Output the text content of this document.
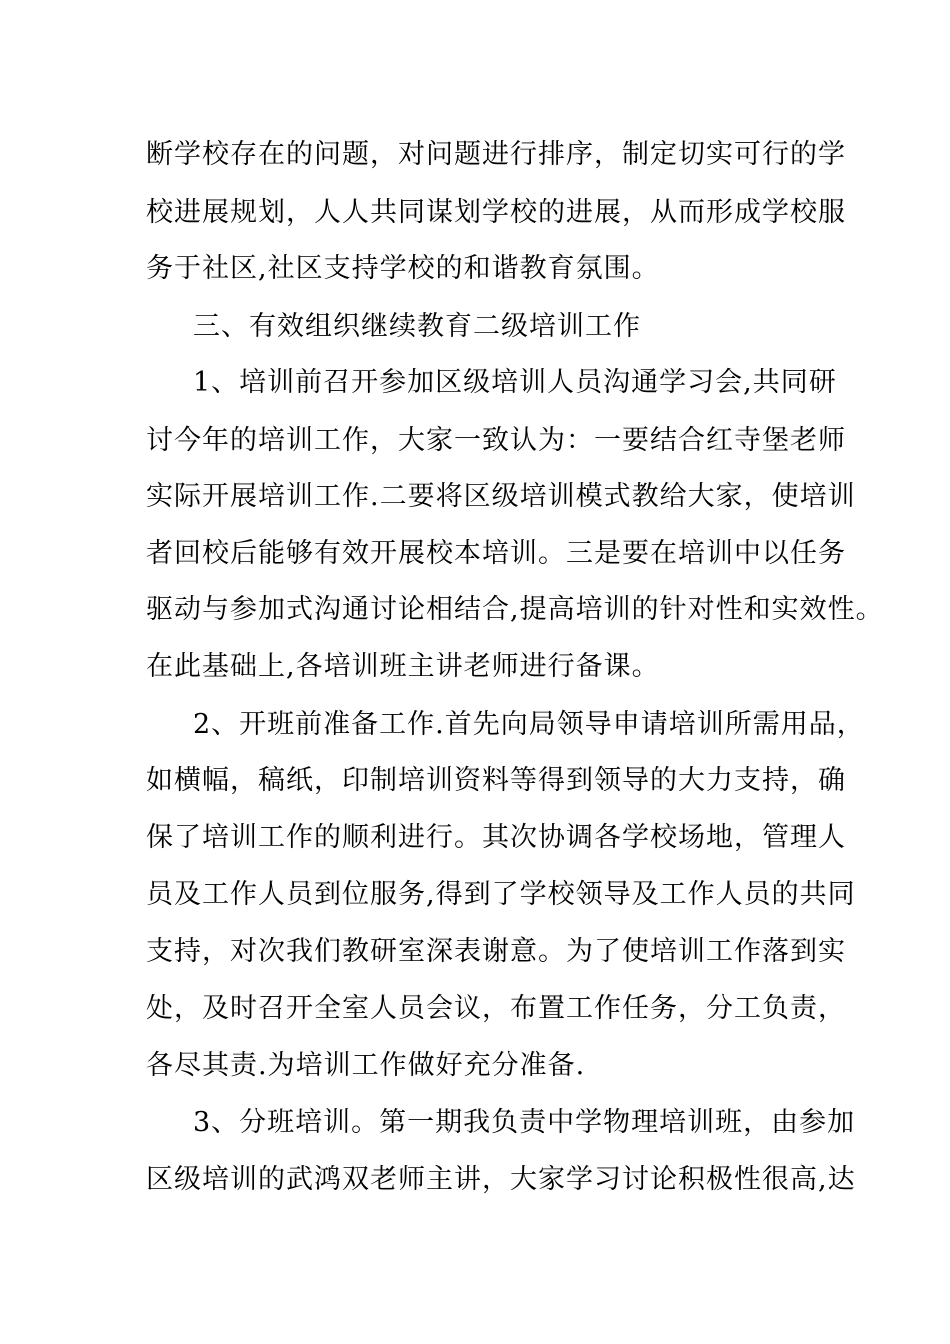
断学校存在的问题，对问题进行排序，制定切实可行的学
校进展规划，人人共同谋划学校的进展，从而形成学校服
务于社区,社区支持学校的和谐教育氛围。
三、有效组织继续教育二级培训工作
1、培训前召开参加区级培训人员沟通学习会,共同研
讨今年的培训工作，大家一致认为：一要结合红寺堡老师
实际开展培训工作.二要将区级培训模式教给大家，使培训
者回校后能够有效开展校本培训。三是要在培训中以任务
驱动与参加式沟通讨论相结合,提高培训的针对性和实效性。
在此基础上,各培训班主讲老师进行备课。
2、开班前准备工作.首先向局领导申请培训所需用品，
如横幅，稿纸，印制培训资料等得到领导的大力支持，确
保了培训工作的顺利进行。其次协调各学校场地，管理人
员及工作人员到位服务,得到了学校领导及工作人员的共同
支持，对次我们教研室深表谢意。为了使培训工作落到实
处，及时召开全室人员会议，布置工作任务，分工负责，
各尽其责.为培训工作做好充分准备.
3、分班培训。第一期我负责中学物理培训班，由参加
区级培训的武鸿双老师主讲，大家学习讨论积极性很高,达
